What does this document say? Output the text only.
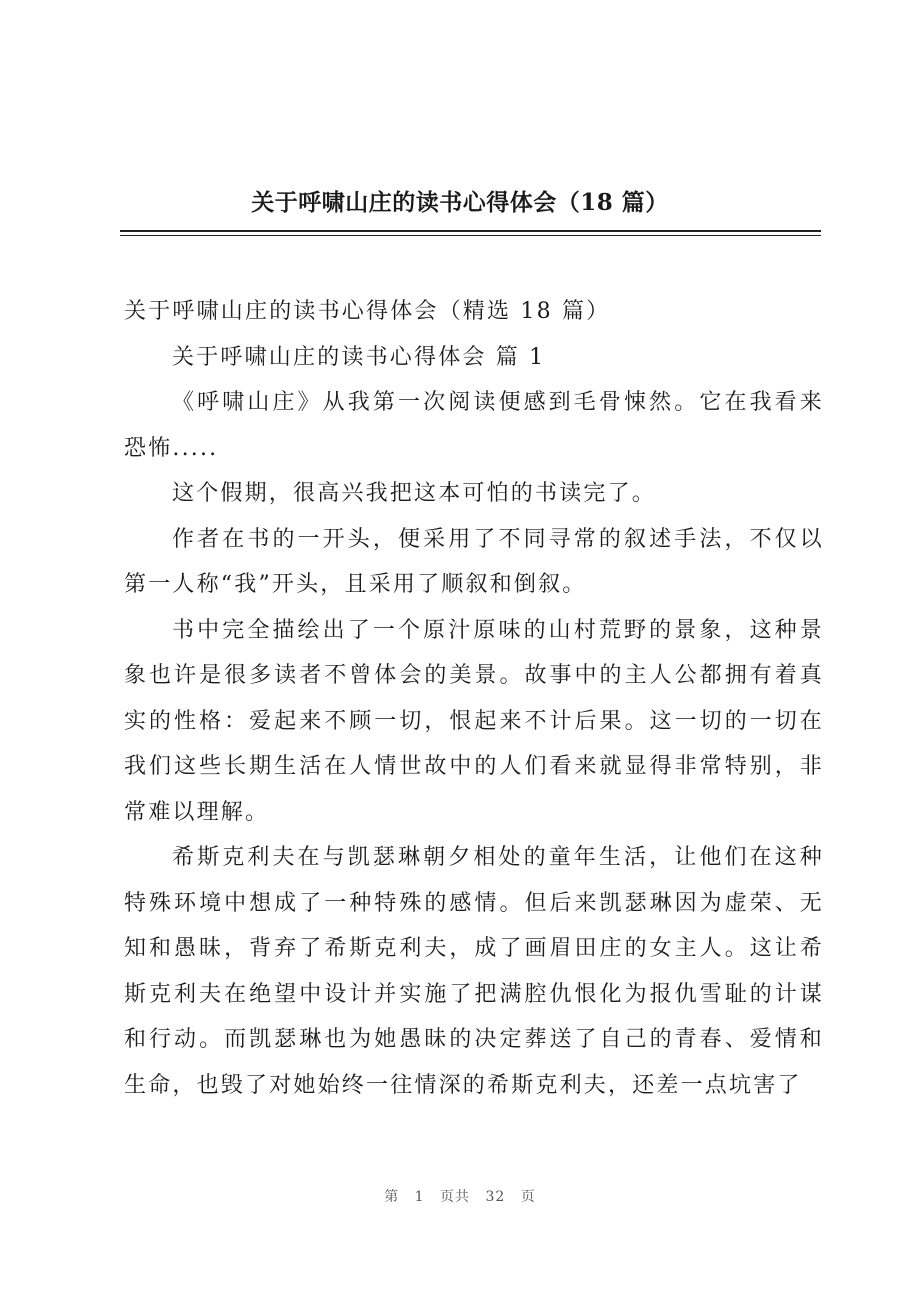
关于呼啸山庄的读书心得体会（18 篇）

关于呼啸山庄的读书心得体会（精选 18 篇）

关于呼啸山庄的读书心得体会 篇 1

《呼啸山庄》从我第一次阅读便感到毛骨悚然。它在我看来恐怖.....

这个假期，很高兴我把这本可怕的书读完了。

作者在书的一开头，便采用了不同寻常的叙述手法，不仅以第一人称“我”开头，且采用了顺叙和倒叙。

书中完全描绘出了一个原汁原味的山村荒野的景象，这种景象也许是很多读者不曾体会的美景。故事中的主人公都拥有着真实的性格：爱起来不顾一切，恨起来不计后果。这一切的一切在我们这些长期生活在人情世故中的人们看来就显得非常特别，非常难以理解。

希斯克利夫在与凯瑟琳朝夕相处的童年生活，让他们在这种特殊环境中想成了一种特殊的感情。但后来凯瑟琳因为虚荣、无知和愚昧，背弃了希斯克利夫，成了画眉田庄的女主人。这让希斯克利夫在绝望中设计并实施了把满腔仇恨化为报仇雪耻的计谋和行动。而凯瑟琳也为她愚昧的决定葬送了自己的青春、爱情和生命，也毁了对她始终一往情深的希斯克利夫，还差一点坑害了

第 1 页共 32 页
